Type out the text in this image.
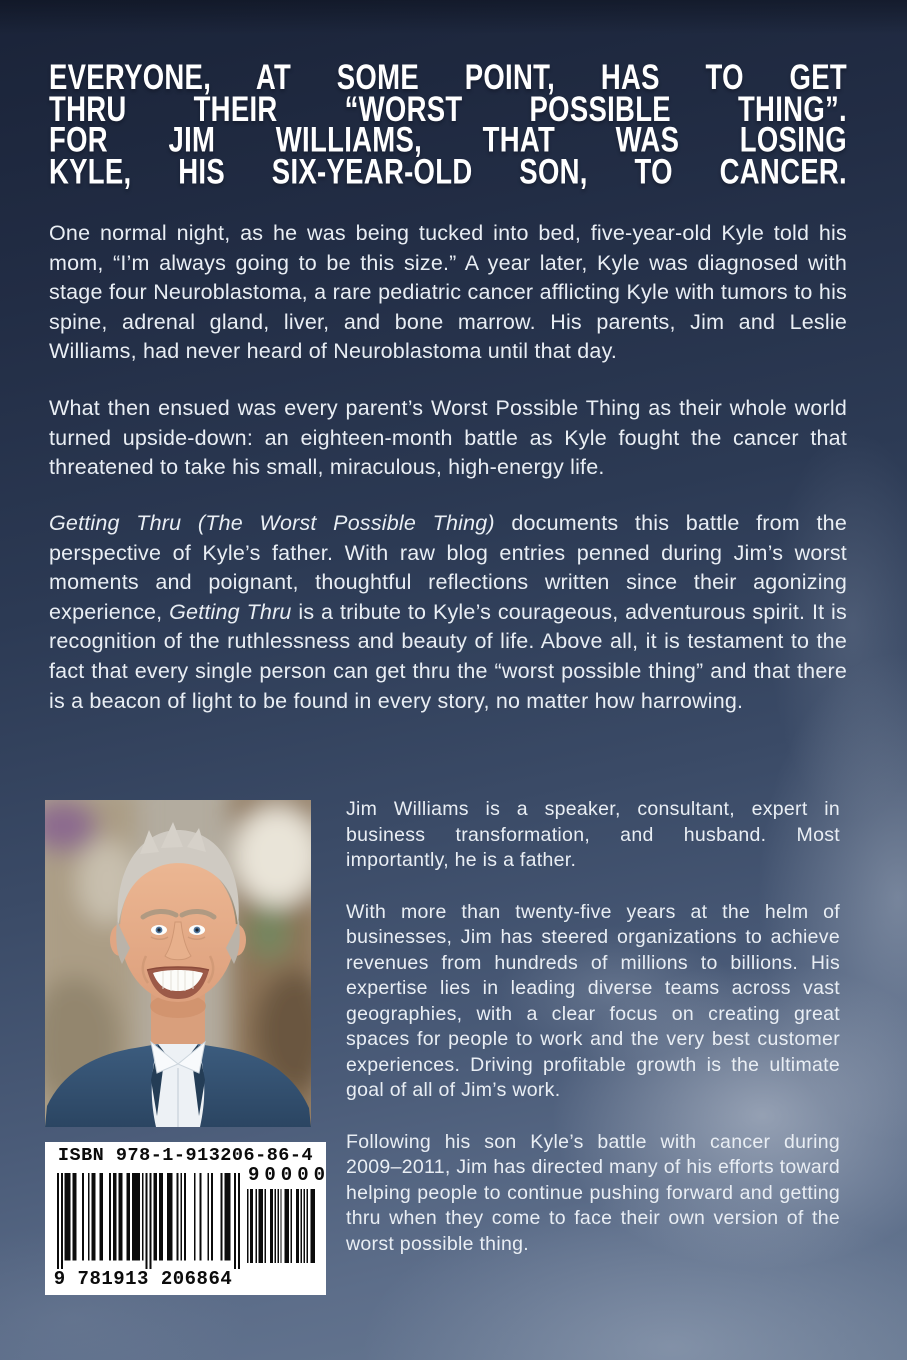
EVERYONE, AT SOME POINT, HAS TO GET
THRU THEIR “WORST POSSIBLE THING”.
FOR JIM WILLIAMS, THAT WAS LOSING
KYLE, HIS SIX-YEAR-OLD SON, TO CANCER.

One normal night, as he was being tucked into bed, five-year-old Kyle told his mom, “I’m always going to be this size.” A year later, Kyle was diagnosed with stage four Neuroblastoma, a rare pediatric cancer afflicting Kyle with tumors to his spine, adrenal gland, liver, and bone marrow. His parents, Jim and Leslie Williams, had never heard of Neuroblastoma until that day.

What then ensued was every parent’s Worst Possible Thing as their whole world turned upside-down: an eighteen-month battle as Kyle fought the cancer that threatened to take his small, miraculous, high-energy life.

Getting Thru (The Worst Possible Thing) documents this battle from the perspective of Kyle’s father. With raw blog entries penned during Jim’s worst moments and poignant, thoughtful reflections written since their agonizing experience, Getting Thru is a tribute to Kyle’s courageous, adventurous spirit. It is recognition of the ruthlessness and beauty of life. Above all, it is testament to the fact that every single person can get thru the “worst possible thing” and that there is a beacon of light to be found in every story, no matter how harrowing.

Jim Williams is a speaker, consultant, expert in business transformation, and husband. Most importantly, he is a father.

With more than twenty-five years at the helm of businesses, Jim has steered organizations to achieve revenues from hundreds of millions to billions. His expertise lies in leading diverse teams across vast geographies, with a clear focus on creating great spaces for people to work and the very best customer experiences. Driving profitable growth is the ultimate goal of all of Jim’s work.

Following his son Kyle’s battle with cancer during 2009–2011, Jim has directed many of his efforts toward helping people to continue pushing forward and getting thru when they come to face their own version of the worst possible thing.

ISBN 978-1-913206-86-4
9 781913 206864
90000
